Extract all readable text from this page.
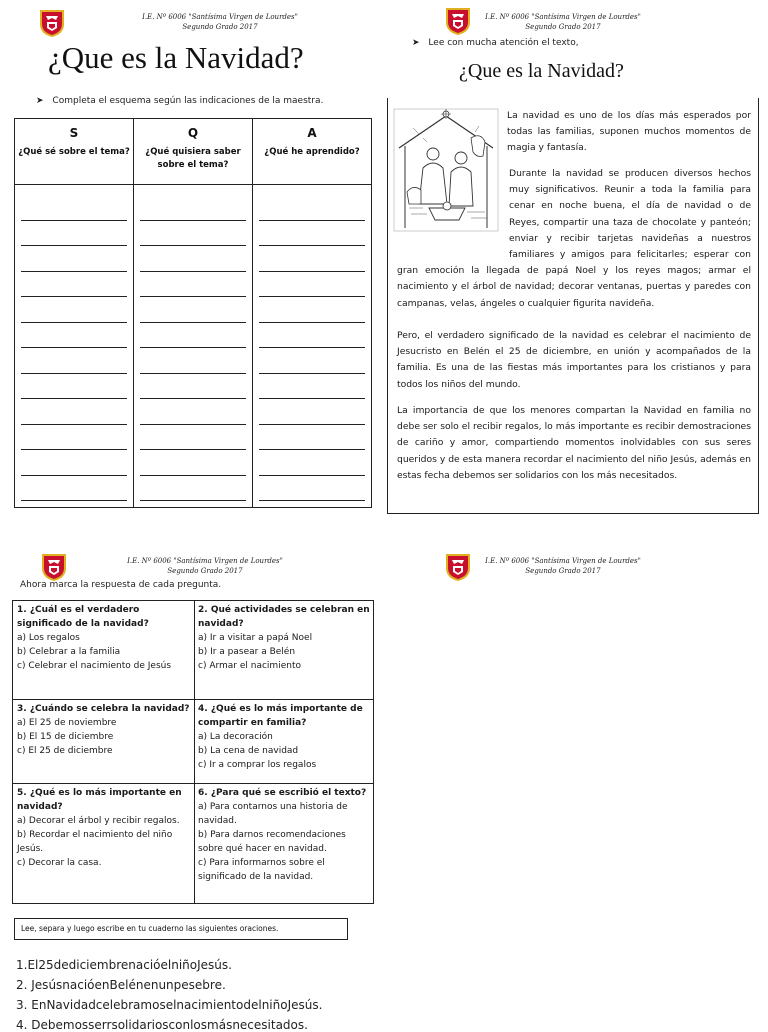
I.E. Nº 6006 "Santísima Virgen de Lourdes"
Segundo Grado 2017
¿Que es la Navidad?
➤ Completa el esquema según las indicaciones de la maestra.
S
¿Qué sé sobre el tema?
Q
¿Qué quisiera saber sobre el tema?
A
¿Qué he aprendido?
I.E. Nº 6006 "Santísima Virgen de Lourdes"
Segundo Grado 2017
➤ Lee con mucha atención el texto,
¿Que es la Navidad?
La navidad es uno de los días más esperados por todas las familias, suponen muchos momentos de magia y fantasía.
Durante la navidad se producen diversos hechos muy significativos. Reunir a toda la familia para cenar en noche buena, el día de navidad o de Reyes, compartir una taza de chocolate y panteón; enviar y recibir tarjetas navideñas a nuestros familiares y amigos para felicitarles; esperar con gran emoción la llegada de papá Noel y los reyes magos; armar el nacimiento y el árbol de navidad; decorar ventanas, puertas y paredes con campanas, velas, ángeles o cualquier figurita navideña.
Pero, el verdadero significado de la navidad es celebrar el nacimiento de Jesucristo en Belén el 25 de diciembre, en unión y acompañados de la familia. Es una de las fiestas más importantes para los cristianos y para todos los niños del mundo.
La importancia de que los menores compartan la Navidad en familia no debe ser solo el recibir regalos, lo más importante es recibir demostraciones de cariño y amor, compartiendo momentos inolvidables con sus seres queridos y de esta manera recordar el nacimiento del niño Jesús, además en estas fecha debemos ser solidarios con los más necesitados.
I.E. Nº 6006 "Santísima Virgen de Lourdes"
Segundo Grado 2017
Ahora marca la respuesta de cada pregunta.
1. ¿Cuál es el verdadero significado de la navidad?
a) Los regalos
b) Celebrar a la familia
c) Celebrar el nacimiento de Jesús
2. Qué actividades se celebran en navidad?
a) Ir a visitar a papá Noel
b) Ir a pasear a Belén
c) Armar el nacimiento
3. ¿Cuándo se celebra la navidad?
a) El 25 de noviembre
b) El 15 de diciembre
c) El 25 de diciembre
4. ¿Qué es lo más importante de compartir en familia?
a) La decoración
b) La cena de navidad
c) Ir a comprar los regalos
5. ¿Qué es lo más importante en navidad?
a) Decorar el árbol y recibir regalos.
b) Recordar el nacimiento del niño Jesús.
c) Decorar la casa.
6. ¿Para qué se escribió el texto?
a) Para contarnos una historia de navidad.
b) Para darnos recomendaciones sobre qué hacer en navidad.
c) Para informarnos sobre el significado de la navidad.
Lee, separa y luego escribe en tu cuaderno las siguientes oraciones.
1.El25dediciembrenacióelniñoJesús.
2. JesúsnacióenBelénenunpesebre.
3. EnNavidadcelebramoselnacimientodelniñoJesús.
4. Debemosserrsolidariosconlosmásnecesitados.
I.E. Nº 6006 "Santísima Virgen de Lourdes"
Segundo Grado 2017
